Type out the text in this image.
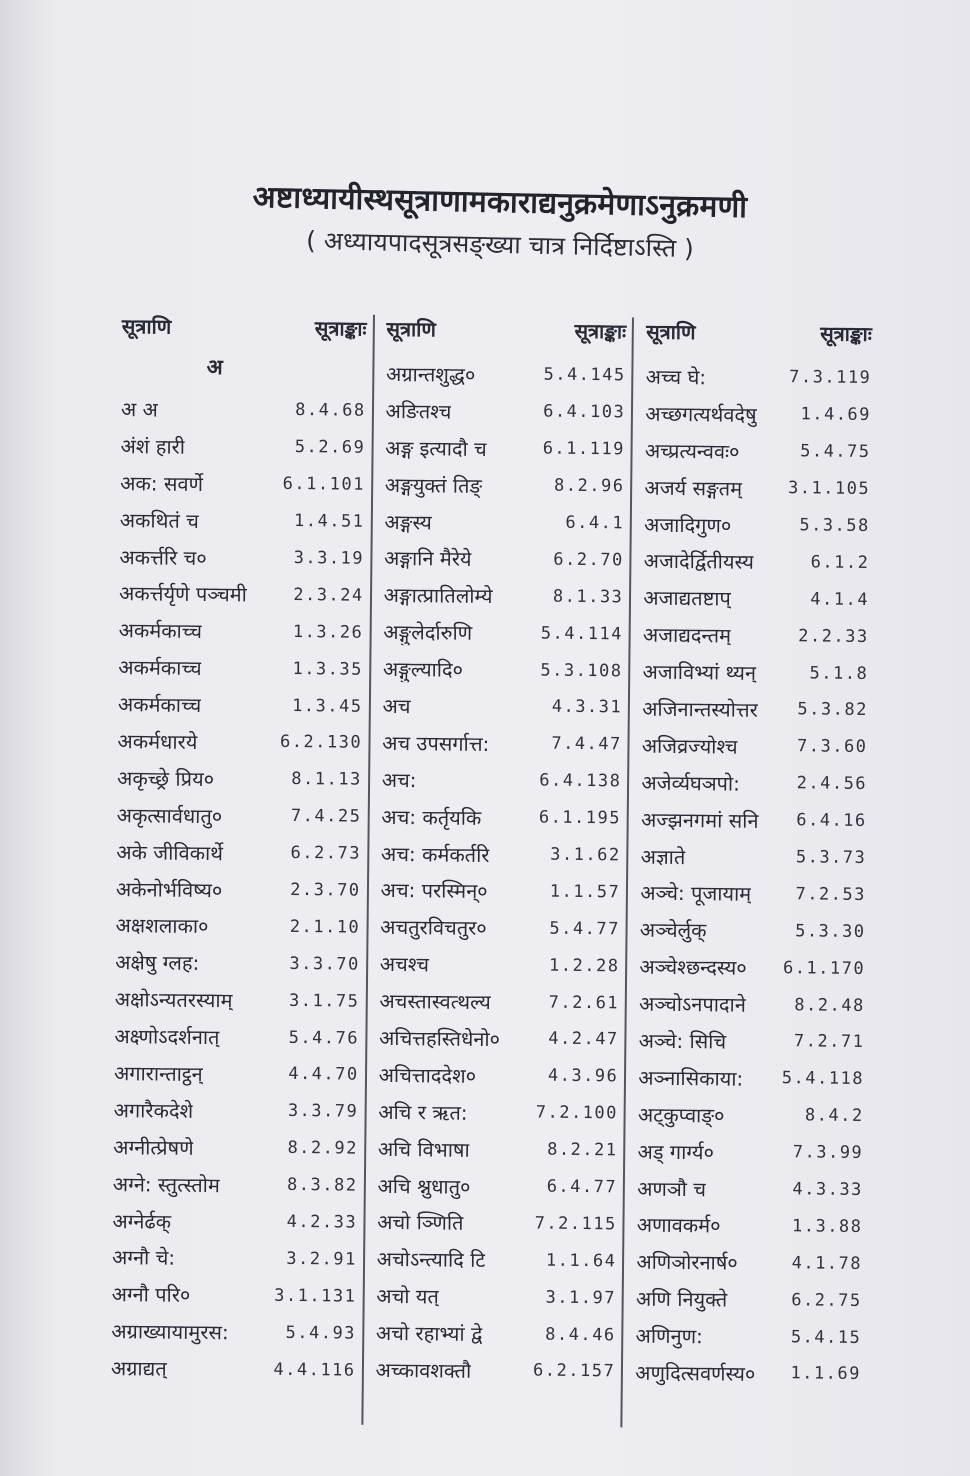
अष्टाध्यायीस्थसूत्राणामकाराद्यनुक्रमेणाऽनुक्रमणी
( अध्यायपादसूत्रसङ्ख्या चात्र निर्दिष्टाऽस्ति )
सूत्राणि	सूत्राङ्काः
अ
अ अ	8.4.68
अंशं हारी	5.2.69
अक: सवर्णे	6.1.101
अकथितं च	1.4.51
अकर्त्तरि च०	3.3.19
अकर्त्तर्यृणे पञ्चमी	2.3.24
अकर्मकाच्च	1.3.26
अकर्मकाच्च	1.3.35
अकर्मकाच्च	1.3.45
अकर्मधारये	6.2.130
अकृच्छ्रे प्रिय०	8.1.13
अकृत्सार्वधातु०	7.4.25
अके जीविकार्थे	6.2.73
अकेनोर्भविष्य०	2.3.70
अक्षशलाका०	2.1.10
अक्षेषु ग्लह:	3.3.70
अक्षोऽन्यतरस्याम्	3.1.75
अक्ष्णोऽदर्शनात्	5.4.76
अगारान्ताट्ठन्	4.4.70
अगारैकदेशे	3.3.79
अग्नीत्प्रेषणे	8.2.92
अग्ने: स्तुत्स्तोम	8.3.82
अग्नेर्ढक्	4.2.33
अग्नौ चे:	3.2.91
अग्नौ परि०	3.1.131
अग्राख्यायामुरस:	5.4.93
अग्राद्यत्	4.4.116
सूत्राणि	सूत्राङ्काः
अग्रान्तशुद्ध०	5.4.145
अङितश्च	6.4.103
अङ्ग इत्यादौ च	6.1.119
अङ्गयुक्तं तिङ्	8.2.96
अङ्गस्य	6.4.1
अङ्गानि मैरेये	6.2.70
अङ्गात्प्रातिलोम्ये	8.1.33
अङ्गुलेर्दारुणि	5.4.114
अङ्गुल्यादि०	5.3.108
अच	4.3.31
अच उपसर्गात्त:	7.4.47
अच:	6.4.138
अच: कर्तृयकि	6.1.195
अच: कर्मकर्तरि	3.1.62
अच: परस्मिन्०	1.1.57
अचतुरविचतुर०	5.4.77
अचश्च	1.2.28
अचस्तास्वत्थल्य	7.2.61
अचित्तहस्तिधेनो०	4.2.47
अचित्ताददेश०	4.3.96
अचि र ऋत:	7.2.100
अचि विभाषा	8.2.21
अचि श्नुधातु०	6.4.77
अचो ञ्णिति	7.2.115
अचोऽन्त्यादि टि	1.1.64
अचो यत्	3.1.97
अचो रहाभ्यां द्वे	8.4.46
अच्कावशक्तौ	6.2.157
सूत्राणि	सूत्राङ्काः
अच्च घे:	7.3.119
अच्छगत्यर्थवदेषु	1.4.69
अच्प्रत्यन्ववः०	5.4.75
अजर्य सङ्गतम्	3.1.105
अजादिगुण०	5.3.58
अजादेर्द्वितीयस्य	6.1.2
अजाद्यतष्टाप्	4.1.4
अजाद्यदन्तम्	2.2.33
अजाविभ्यां थ्यन्	5.1.8
अजिनान्तस्योत्तर 5.3.82
अजिव्रज्योश्च	7.3.60
अजेर्व्यघञपो:	2.4.56
अज्झनगमां सनि 6.4.16
अज्ञाते	5.3.73
अञ्चे: पूजायाम्	7.2.53
अञ्चेर्लुक्	5.3.30
अञ्चेश्छन्दस्य० 6.1.170
अञ्चोऽनपादाने	8.2.48
अञ्चे: सिचि	7.2.71
अञ्नासिकाया: 5.4.118
अट्कुप्वाङ्०	8.4.2
अड् गार्ग्य०	7.3.99
अणञौ च	4.3.33
अणावकर्म०	1.3.88
अणिञोरनार्ष०	4.1.78
अणि नियुक्ते	6.2.75
अणिनुण:	5.4.15
अणुदित्सवर्णस्य० 1.1.69
